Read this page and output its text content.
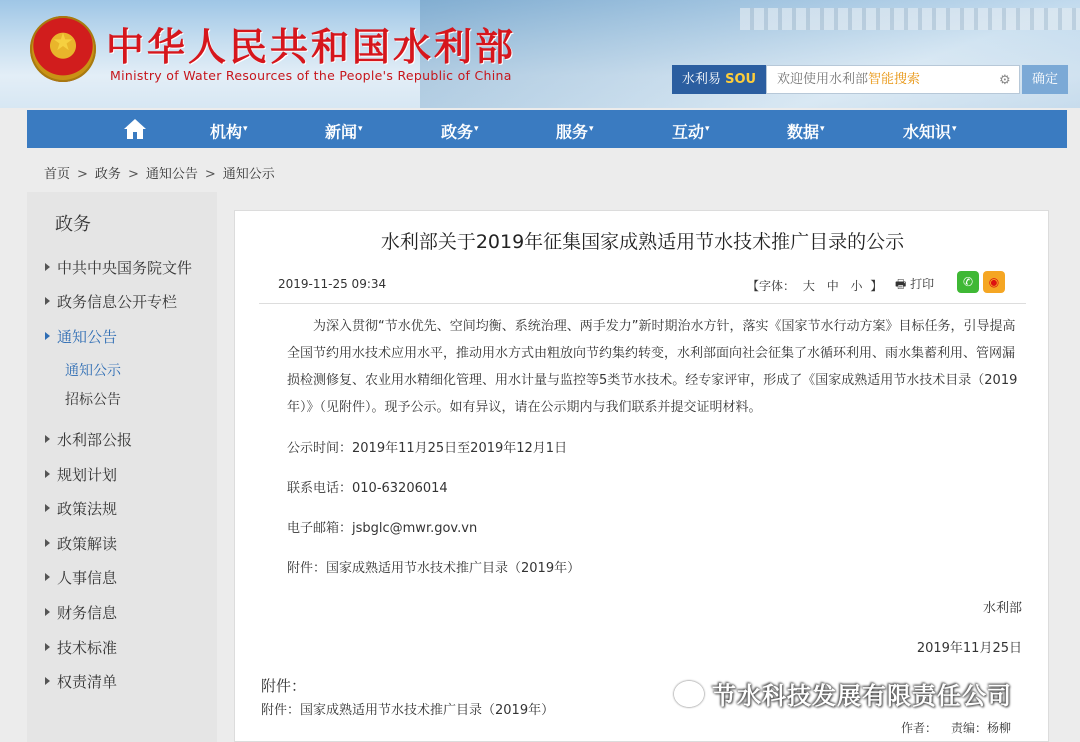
★ 中华人民共和国水利部
Ministry of Water Resources of the People's Republic of China	水利易 SOU	欢迎使用水利部智能搜索	⚙	确定
机构▾	新闻▾	政务▾	服务▾	互动▾	数据▾	水知识▾
首页 > 政务 > 通知公告 > 通知公示
政务
中共中央国务院文件
政务信息公开专栏
通知公告
通知公示
招标公告
水利部公报
规划计划
政策法规
政策解读
人事信息
财务信息
技术标准
权责清单
水利部关于2019年征集国家成熟适用节水技术推广目录的公示
2019-11-25 09:34	【字体： 大 中 小 】 🖶 打印	✆	◉
为深入贯彻“节水优先、空间均衡、系统治理、两手发力”新时期治水方针，落实《国家节水行动方案》目标任务，引导提高全国节约用水技术应用水平，推动用水方式由粗放向节约集约转变，水利部面向社会征集了水循环利用、雨水集蓄利用、管网漏损检测修复、农业用水精细化管理、用水计量与监控等5类节水技术。经专家评审，形成了《国家成熟适用节水技术目录（2019年）》（见附件）。现予公示。如有异议，请在公示期内与我们联系并提交证明材料。
公示时间：2019年11月25日至2019年12月1日
联系电话：010-63206014
电子邮箱：jsbglc@mwr.gov.vn
附件：国家成熟适用节水技术推广目录（2019年）
水利部
2019年11月25日
附件：
附件：国家成熟适用节水技术推广目录（2019年）
作者： 责编：杨柳
节水科技发展有限责任公司
